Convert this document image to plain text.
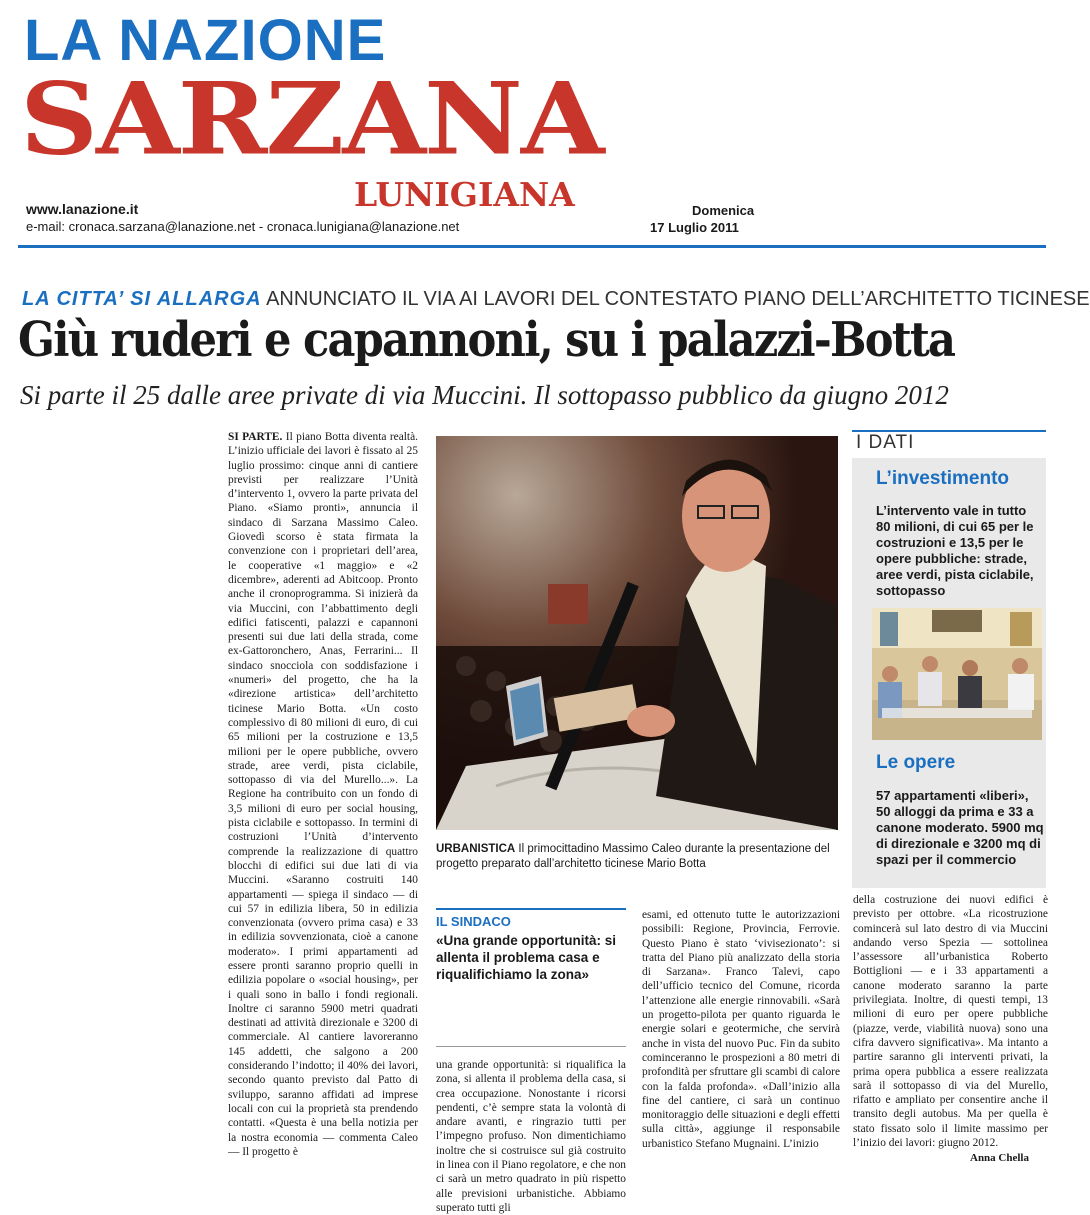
LA NAZIONE
SARZANA
LUNIGIANA
www.lanazione.it
e-mail: cronaca.sarzana@lanazione.net - cronaca.lunigiana@lanazione.net
Domenica
17 Luglio 2011
LA CITTA’ SI ALLARGA ANNUNCIATO IL VIA AI LAVORI DEL CONTESTATO PIANO DELL’ARCHITETTO TICINESE
Giù ruderi e capannoni, su i palazzi-Botta
Si parte il 25 dalle aree private di via Muccini. Il sottopasso pubblico da giugno 2012
SI PARTE. Il piano Botta diventa realtà. L’inizio ufficiale dei lavori è fissato al 25 luglio prossimo: cinque anni di cantiere previsti per realizzare l’Unità d’intervento 1, ovvero la parte privata del Piano. «Siamo pronti», annuncia il sindaco di Sarzana Massimo Caleo. Giovedì scorso è stata firmata la convenzione con i proprietari dell’area, le cooperative «1 maggio» e «2 dicembre», aderenti ad Abitcoop. Pronto anche il cronoprogramma. Si inizierà da via Muccini, con l’abbattimento degli edifici fatiscenti, palazzi e capannoni presenti sui due lati della strada, come ex-Gattoronchero, Anas, Ferrarini... Il sindaco snocciola con soddisfazione i «numeri» del progetto, che ha la «direzione artistica» dell’architetto ticinese Mario Botta. «Un costo complessivo di 80 milioni di euro, di cui 65 milioni per la costruzione e 13,5 milioni per le opere pubbliche, ovvero strade, aree verdi, pista ciclabile, sottopasso di via del Murello...». La Regione ha contribuito con un fondo di 3,5 milioni di euro per social housing, pista ciclabile e sottopasso. In termini di costruzioni l’Unità d’intervento comprende la realizzazione di quattro blocchi di edifici sui due lati di via Muccini. «Saranno costruiti 140 appartamenti — spiega il sindaco — di cui 57 in edilizia libera, 50 in edilizia convenzionata (ovvero prima casa) e 33 in edilizia sovvenzionata, cioè a canone moderato». I primi appartamenti ad essere pronti saranno proprio quelli in edilizia popolare o «social housing», per i quali sono in ballo i fondi regionali. Inoltre ci saranno 5900 metri quadrati destinati ad attività direzionale e 3200 di commerciale. Al cantiere lavoreranno 145 addetti, che salgono a 200 considerando l’indotto; il 40% dei lavori, secondo quanto previsto dal Patto di sviluppo, saranno affidati ad imprese locali con cui la proprietà sta prendendo contatti. «Questa è una bella notizia per la nostra economia — commenta Caleo — Il progetto è
URBANISTICA Il primocittadino Massimo Caleo durante la presentazione del progetto preparato dall’architetto ticinese Mario Botta
IL SINDACO
«Una grande opportunità: si allenta il problema casa e riqualifichiamo la zona»
una grande opportunità: si riqualifica la zona, si allenta il problema della casa, si crea occupazione. Nonostante i ricorsi pendenti, c’è sempre stata la volontà di andare avanti, e ringrazio tutti per l’impegno profuso. Non dimentichiamo inoltre che si costruisce sul già costruito in linea con il Piano regolatore, e che non ci sarà un metro quadrato in più rispetto alle previsioni urbanistiche. Abbiamo superato tutti gli
esami, ed ottenuto tutte le autorizzazioni possibili: Regione, Provincia, Ferrovie. Questo Piano è stato ‘vivisezionato’: si tratta del Piano più analizzato della storia di Sarzana». Franco Talevi, capo dell’ufficio tecnico del Comune, ricorda l’attenzione alle energie rinnovabili. «Sarà un progetto-pilota per quanto riguarda le energie solari e geotermiche, che servirà anche in vista del nuovo Puc. Fin da subito cominceranno le prospezioni a 80 metri di profondità per sfruttare gli scambi di calore con la falda profonda». «Dall’inizio alla fine del cantiere, ci sarà un continuo monitoraggio delle situazioni e degli effetti sulla città», aggiunge il responsabile urbanistico Stefano Mugnaini. L’inizio
della costruzione dei nuovi edifici è previsto per ottobre. «La ricostruzione comincerà sul lato destro di via Muccini andando verso Spezia — sottolinea l’assessore all’urbanistica Roberto Bottiglioni — e i 33 appartamenti a canone moderato saranno la parte privilegiata. Inoltre, di questi tempi, 13 milioni di euro per opere pubbliche (piazze, verde, viabilità nuova) sono una cifra davvero significativa». Ma intanto a partire saranno gli interventi privati, la prima opera pubblica a essere realizzata sarà il sottopasso di via del Murello, rifatto e ampliato per consentire anche il transito degli autobus. Ma per quella è stato fissato solo il limite massimo per l’inizio dei lavori: giugno 2012.
Anna Chella
I DATI
L’investimento
L’intervento vale in tutto 80 milioni, di cui 65 per le costruzioni e 13,5 per le opere pubbliche: strade, aree verdi, pista ciclabile, sottopasso
Le opere
57 appartamenti «liberi», 50 alloggi da prima e 33 a canone moderato. 5900 mq di direzionale e 3200 mq di spazi per il commercio
